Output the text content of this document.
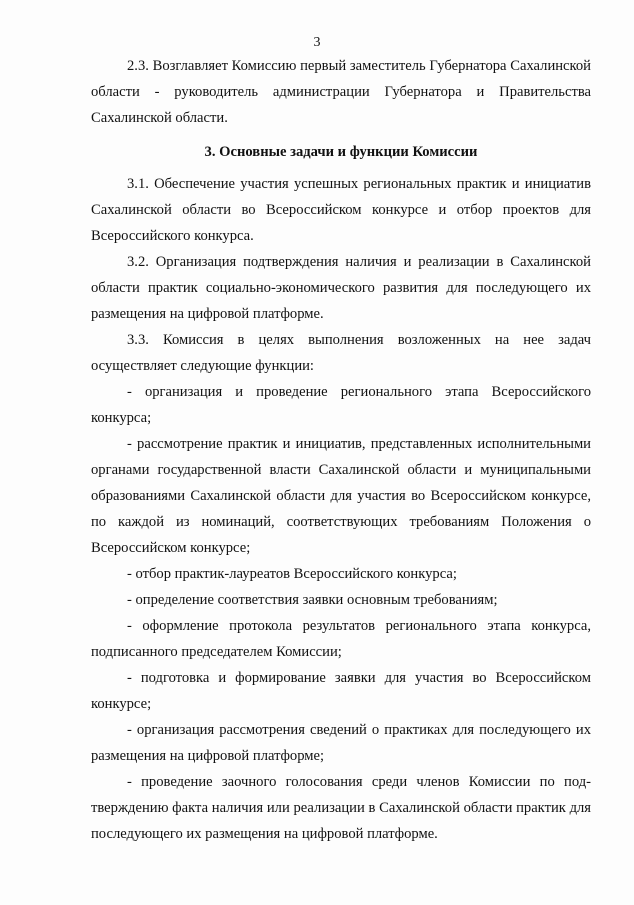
3

2.3. Возглавляет Комиссию первый заместитель Губернатора Сахалинской области - руководитель администрации Губернатора и Правительства Сахалинской области.

3. Основные задачи и функции Комиссии

3.1. Обеспечение участия успешных региональных практик и инициатив Сахалинской области во Всероссийском конкурсе и отбор проектов для Всероссийского конкурса.

3.2. Организация подтверждения наличия и реализации в Сахалинской области практик социально-экономического развития для последующего их размещения на цифровой платформе.

3.3. Комиссия в целях выполнения возложенных на нее задач осуществляет следующие функции:

- организация и проведение регионального этапа Всероссийского конкурса;

- рассмотрение практик и инициатив, представленных исполнительными органами государственной власти Сахалинской области и муниципальными образованиями Сахалинской области для участия во Всероссийском конкурсе, по каждой из номинаций, соответствующих требованиям Положения о Всероссийском конкурсе;

- отбор практик-лауреатов Всероссийского конкурса;

- определение соответствия заявки основным требованиям;

- оформление протокола результатов регионального этапа конкурса, подписанного председателем Комиссии;

- подготовка и формирование заявки для участия во Всероссийском конкурсе;

- организация рассмотрения сведений о практиках для последующего их размещения на цифровой платформе;

- проведение заочного голосования среди членов Комиссии по подтверждению факта наличия или реализации в Сахалинской области практик для последующего их размещения на цифровой платформе.
